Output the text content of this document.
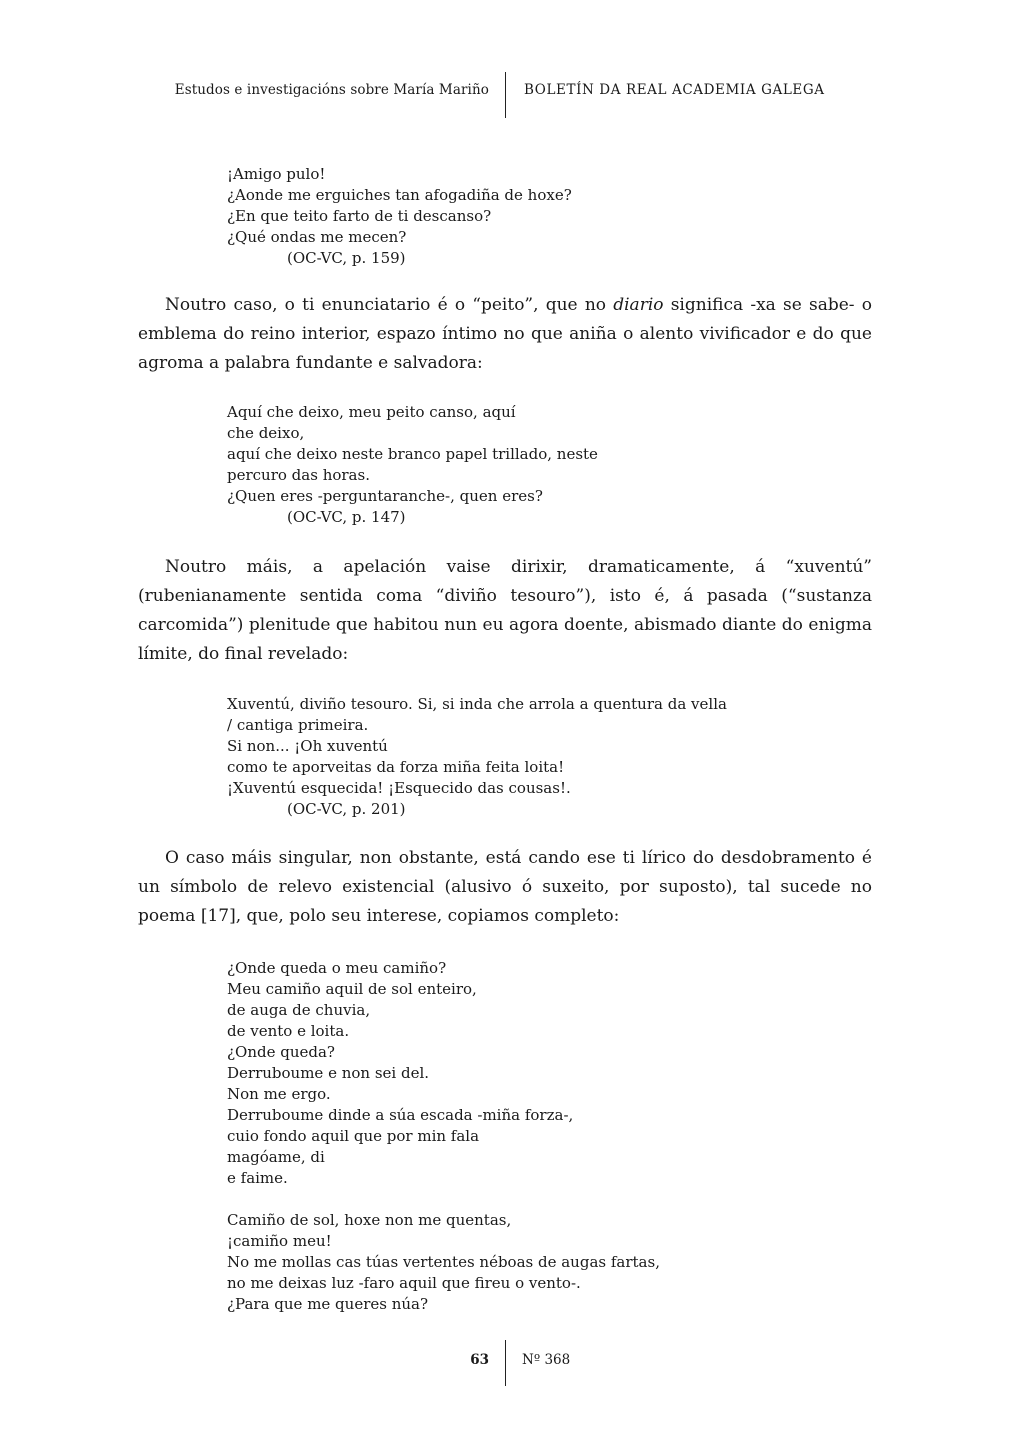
Estudos e investigacións sobre María Mariño	BOLETÍN DA REAL ACADEMIA GALEGA
¡Amigo pulo!
¿Aonde me erguiches tan afogadiña de hoxe?
¿En que teito farto de ti descanso?
¿Qué ondas me mecen?
(OC-VC, p. 159)

Noutro caso, o ti enunciatario é o “peito”, que no diario significa -xa se sabe- o emblema do reino interior, espazo íntimo no que aniña o alento vivificador e do que agroma a palabra fundante e salvadora:

Aquí che deixo, meu peito canso, aquí
che deixo,
aquí che deixo neste branco papel trillado, neste
percuro das horas.
¿Quen eres -perguntaranche-, quen eres?
(OC-VC, p. 147)

Noutro máis, a apelación vaise dirixir, dramaticamente, á “xuventú” (rubenianamente sentida coma “diviño tesouro”), isto é, á pasada (“sustanza carcomida”) plenitude que habitou nun eu agora doente, abismado diante do enigma límite, do final revelado:

Xuventú, diviño tesouro. Si, si inda che arrola a quentura da vella
/ cantiga primeira.
Si non... ¡Oh xuventú
como te aporveitas da forza miña feita loita!
¡Xuventú esquecida! ¡Esquecido das cousas!.
(OC-VC, p. 201)

O caso máis singular, non obstante, está cando ese ti lírico do desdobramento é un símbolo de relevo existencial (alusivo ó suxeito, por suposto), tal sucede no poema [17], que, polo seu interese, copiamos completo:

¿Onde queda o meu camiño?
Meu camiño aquil de sol enteiro,
de auga de chuvia,
de vento e loita.
¿Onde queda?
Derruboume e non sei del.
Non me ergo.
Derruboume dinde a súa escada -miña forza-,
cuio fondo aquil que por min fala
magóame, di
e faime.
Camiño de sol, hoxe non me quentas,
¡camiño meu!
No me mollas cas túas vertentes néboas de augas fartas,
no me deixas luz -faro aquil que fireu o vento-.
¿Para que me queres núa?
63 Nº 368
